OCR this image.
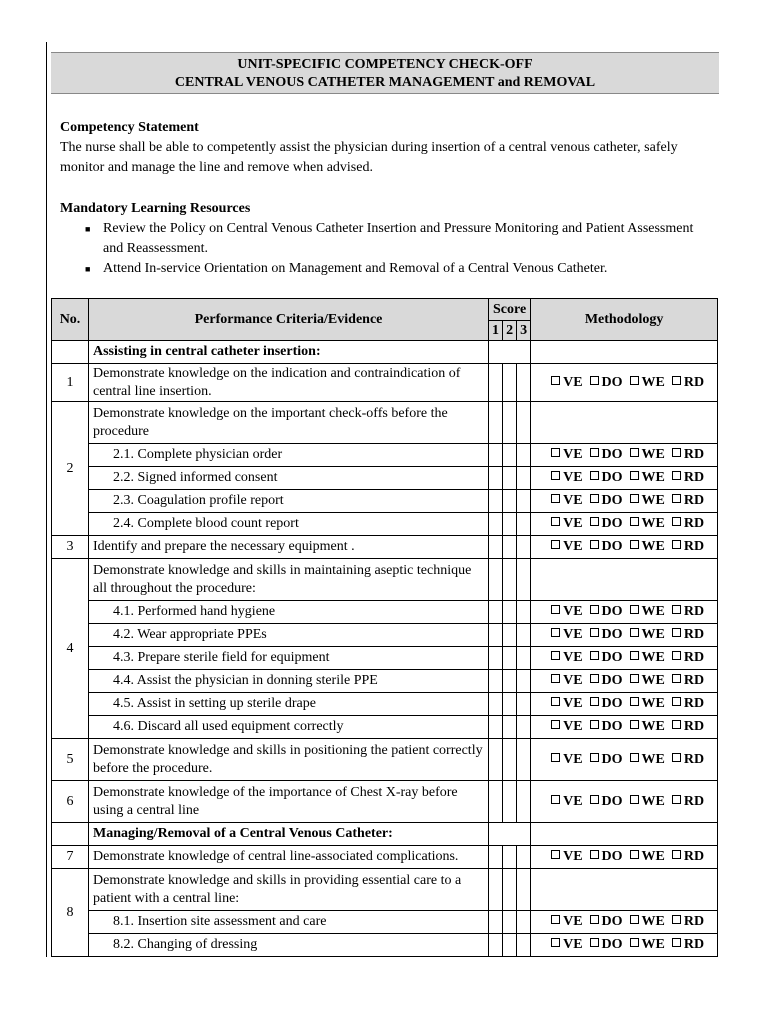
UNIT-SPECIFIC COMPETENCY CHECK-OFF
CENTRAL VENOUS CATHETER MANAGEMENT and REMOVAL
Competency Statement

The nurse shall be able to competently assist the physician during insertion of a central venous catheter, safely monitor and manage the line and remove when advised.

Mandatory Learning Resources
■ Review the Policy on Central Venous Catheter Insertion and Pressure Monitoring and Patient Assessment and Reassessment.
■ Attend In-service Orientation on Management and Removal of a Central Venous Catheter.
No.	Performance Criteria/Evidence	Score			Methodology
		1	2	3	
	Assisting in central catheter insertion:				
1	Demonstrate knowledge on the indication and contraindication of central line insertion.				VE DO WE RD
2	Demonstrate knowledge on the important check-offs before the procedure				
	2.1. Complete physician order				VE DO WE RD
	2.2. Signed informed consent				VE DO WE RD
	2.3. Coagulation profile report				VE DO WE RD
	2.4. Complete blood count report				VE DO WE RD
3	Identify and prepare the necessary equipment .				VE DO WE RD
4	Demonstrate knowledge and skills in maintaining aseptic technique all throughout the procedure:				
	4.1. Performed hand hygiene				VE DO WE RD
	4.2. Wear appropriate PPEs				VE DO WE RD
	4.3. Prepare sterile field for equipment				VE DO WE RD
	4.4. Assist the physician in donning sterile PPE				VE DO WE RD
	4.5. Assist in setting up sterile drape				VE DO WE RD
	4.6. Discard all used equipment correctly				VE DO WE RD
5	Demonstrate knowledge and skills in positioning the patient correctly before the procedure.				VE DO WE RD
6	Demonstrate knowledge of the importance of Chest X-ray before using a central line				VE DO WE RD
	Managing/Removal of a Central Venous Catheter:				
7	Demonstrate knowledge of central line-associated complications.				VE DO WE RD
8	Demonstrate knowledge and skills in providing essential care to a patient with a central line:				
	8.1. Insertion site assessment and care				VE DO WE RD
	8.2. Changing of dressing				VE DO WE RD
